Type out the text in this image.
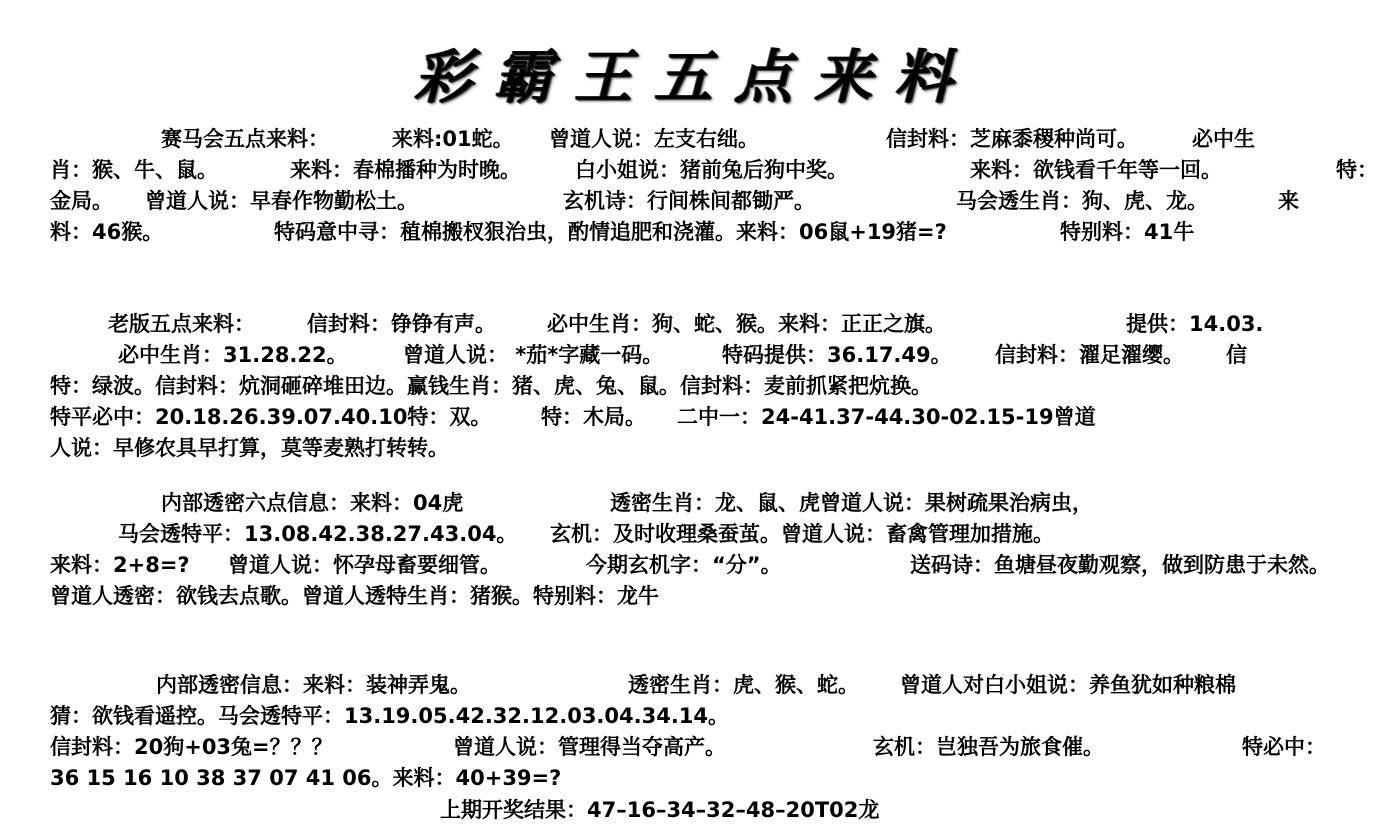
彩霸王五点来料
赛马会五点来料：	来料:01蛇。 曾道人说：左支右绌。	信封料：芝麻黍稷种尚可。	必中生
肖：猴、牛、鼠。	来料：春棉播种为时晚。	白小姐说：猪前兔后狗中奖。	来料：欲钱看千年等一回。	特：
金局。 曾道人说：早春作物勤松土。	玄机诗：行间株间都锄严。	马会透生肖：狗、虎、龙。	来
料：46猴。	特码意中寻：稙棉搬杈狠治虫，酌情追肥和浇灌。来料：06鼠+19猪=?	特别料：41牛
老版五点来料： 信封料：铮铮有声。 必中生肖：狗、蛇、猴。来料：正正之旗。	提供：14.03.
必中生肖：31.28.22。	曾道人说： *茄*字藏一码。	特码提供：36.17.49。 信封料：濯足濯缨。 信
特：绿波。信封料：炕洞砸碎堆田边。赢钱生肖：猪、虎、兔、鼠。信封料：麦前抓紧把炕换。
特平必中：20.18.26.39.07.40.10特：双。 特：木局。 二中一：24-41.37-44.30-02.15-19曾道
人说：早修农具早打算，莫等麦熟打转转。
内部透密六点信息：来料：04虎	透密生肖：龙、鼠、虎曾道人说：果树疏果治病虫，
马会透特平：13.08.42.38.27.43.04。 玄机：及时收理桑蚕茧。曾道人说：畜禽管理加措施。
来料：2+8=? 曾道人说：怀孕母畜要细管。	今期玄机字：“分”。	送码诗：鱼塘昼夜勤观察，做到防患于未然。
曾道人透密：欲钱去点歌。曾道人透特生肖：猪猴。特别料：龙牛
内部透密信息：来料：装神弄鬼。	透密生肖：虎、猴、蛇。 曾道人对白小姐说：养鱼犹如种粮棉
猜：欲钱看遥控。马会透特平：13.19.05.42.32.12.03.04.34.14。
信封料：20狗+03兔=？？？	曾道人说：管理得当夺高产。	玄机：岂独吾为旅食催。	特必中：
36 15 16 10 38 37 07 41 06。来料：40+39=?
上期开奖结果：47–16–34–32–48–20T02龙
